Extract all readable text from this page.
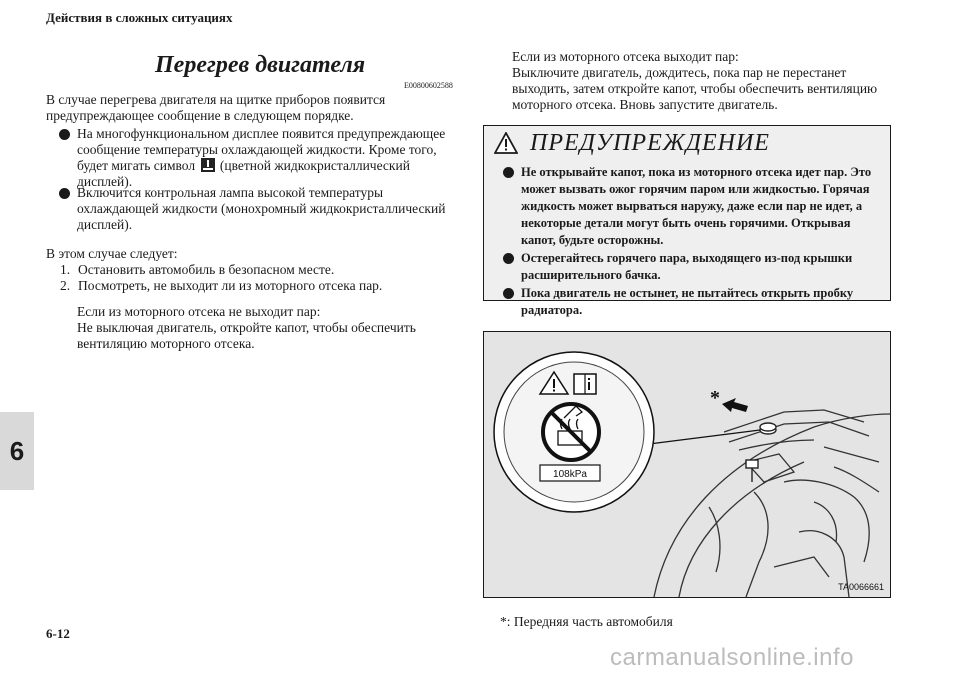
Действия в сложных ситуациях
6
6-12
carmanualsonline.info
Перегрев двигателя
E00800602588
В случае перегрева двигателя на щитке приборов появится предупреждающее сообщение в следующем порядке.
На многофункциональном дисплее появится предупреждающее сообщение температуры охлаждающей жидкости. Кроме того, будет мигать символ (цветной жидкокристаллический дисплей).
Включится контрольная лампа высокой температуры охлаждающей жидкости (монохромный жидкокристаллический дисплей).
В этом случае следует:
1. Остановить автомобиль в безопасном месте.
2. Посмотреть, не выходит ли из моторного отсека пар.
Если из моторного отсека не выходит пар:
Не выключая двигатель, откройте капот, чтобы обеспечить вентиляцию моторного отсека.
Если из моторного отсека выходит пар:
Выключите двигатель, дождитесь, пока пар не перестанет выходить, затем откройте капот, чтобы обеспечить вентиляцию моторного отсека. Вновь запустите двигатель.
ПРЕДУПРЕЖДЕНИЕ
Не открывайте капот, пока из моторного отсека идет пар. Это может вызвать ожог горячим паром или жидкостью. Горячая жидкость может вырваться наружу, даже если пар не идет, а некоторые детали могут быть очень горячими. Открывая капот, будьте осторожны.
Остерегайтесь горячего пара, выходящего из-под крышки расширительного бачка.
Пока двигатель не остынет, не пытайтесь открыть пробку радиатора.
*
108kPa
TA0066661
*: Передняя часть автомобиля
